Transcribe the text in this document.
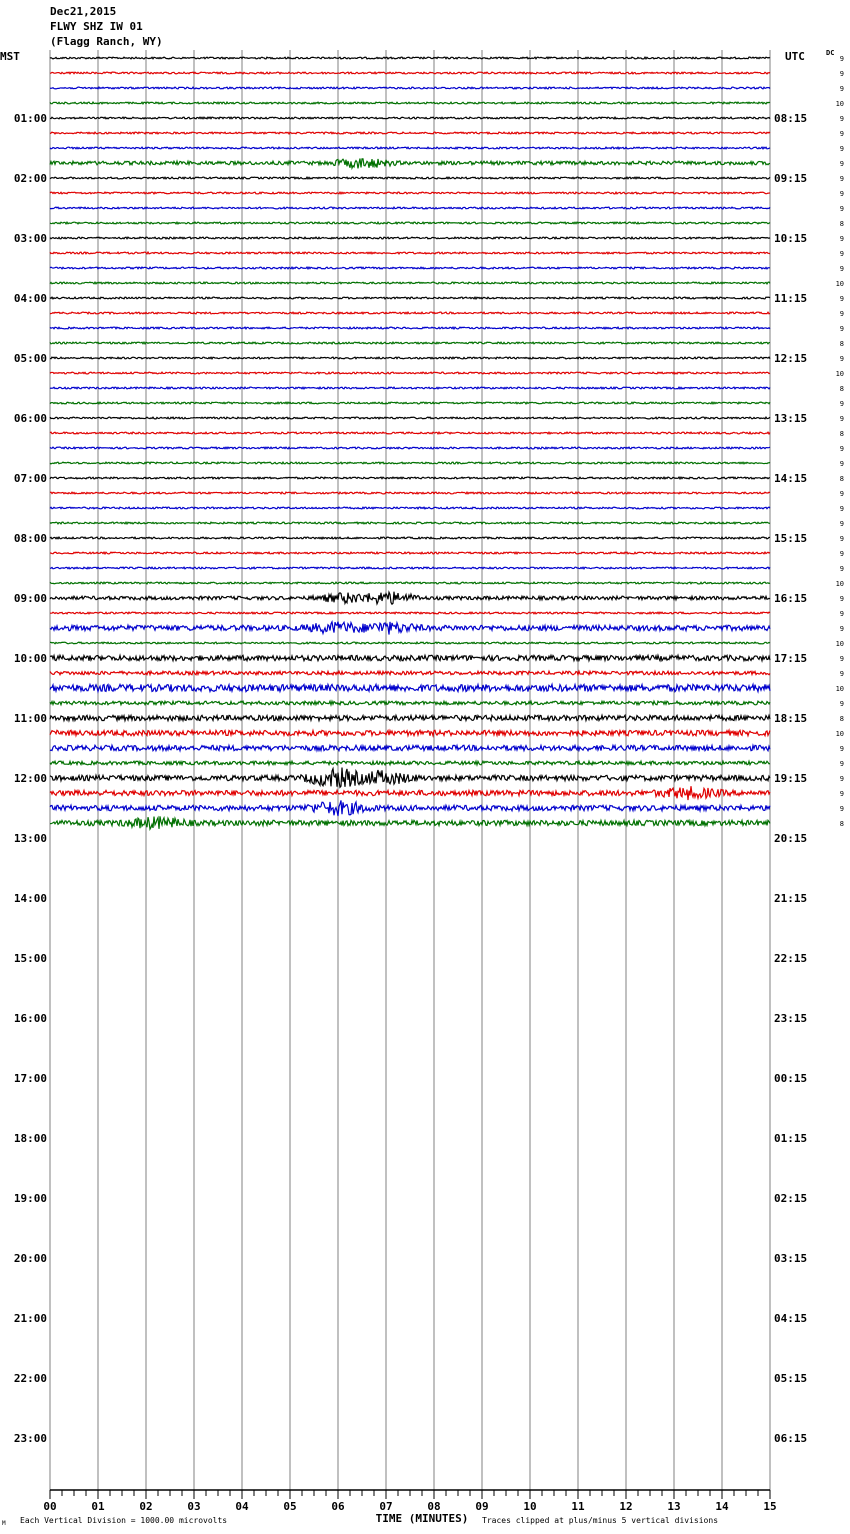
Dec21,2015
FLWY SHZ IW 01
(Flagg Ranch, WY)
MST	UTC	DC
01:00
02:00
03:00
04:00
05:00
06:00
07:00
08:00
09:00
10:00
11:00
12:00
13:00
14:00
15:00
16:00
17:00
18:00
19:00
20:00
21:00
22:00
23:00
08:15
09:15
10:15
11:15
12:15
13:15
14:15
15:15
16:15
17:15
18:15
19:15
20:15
21:15
22:15
23:15
00:15
01:15
02:15
03:15
04:15
05:15
06:15
9
9
9
10
9
9
9
9
9
9
9
8
9
9
9
10
9
9
9
8
9
10
8
9
9
8
9
9
8
9
9
9
9
9
9
10
9
9
9
10
9
9
10
9
8
10
9
9
9
9
9
8
00	01	02	03	04	05	06	07	08	09	10	11	12	13	14	15
TIME (MINUTES)
Each Vertical Division = 1000.00 microvolts	Traces clipped at plus/minus 5 vertical divisions
M
